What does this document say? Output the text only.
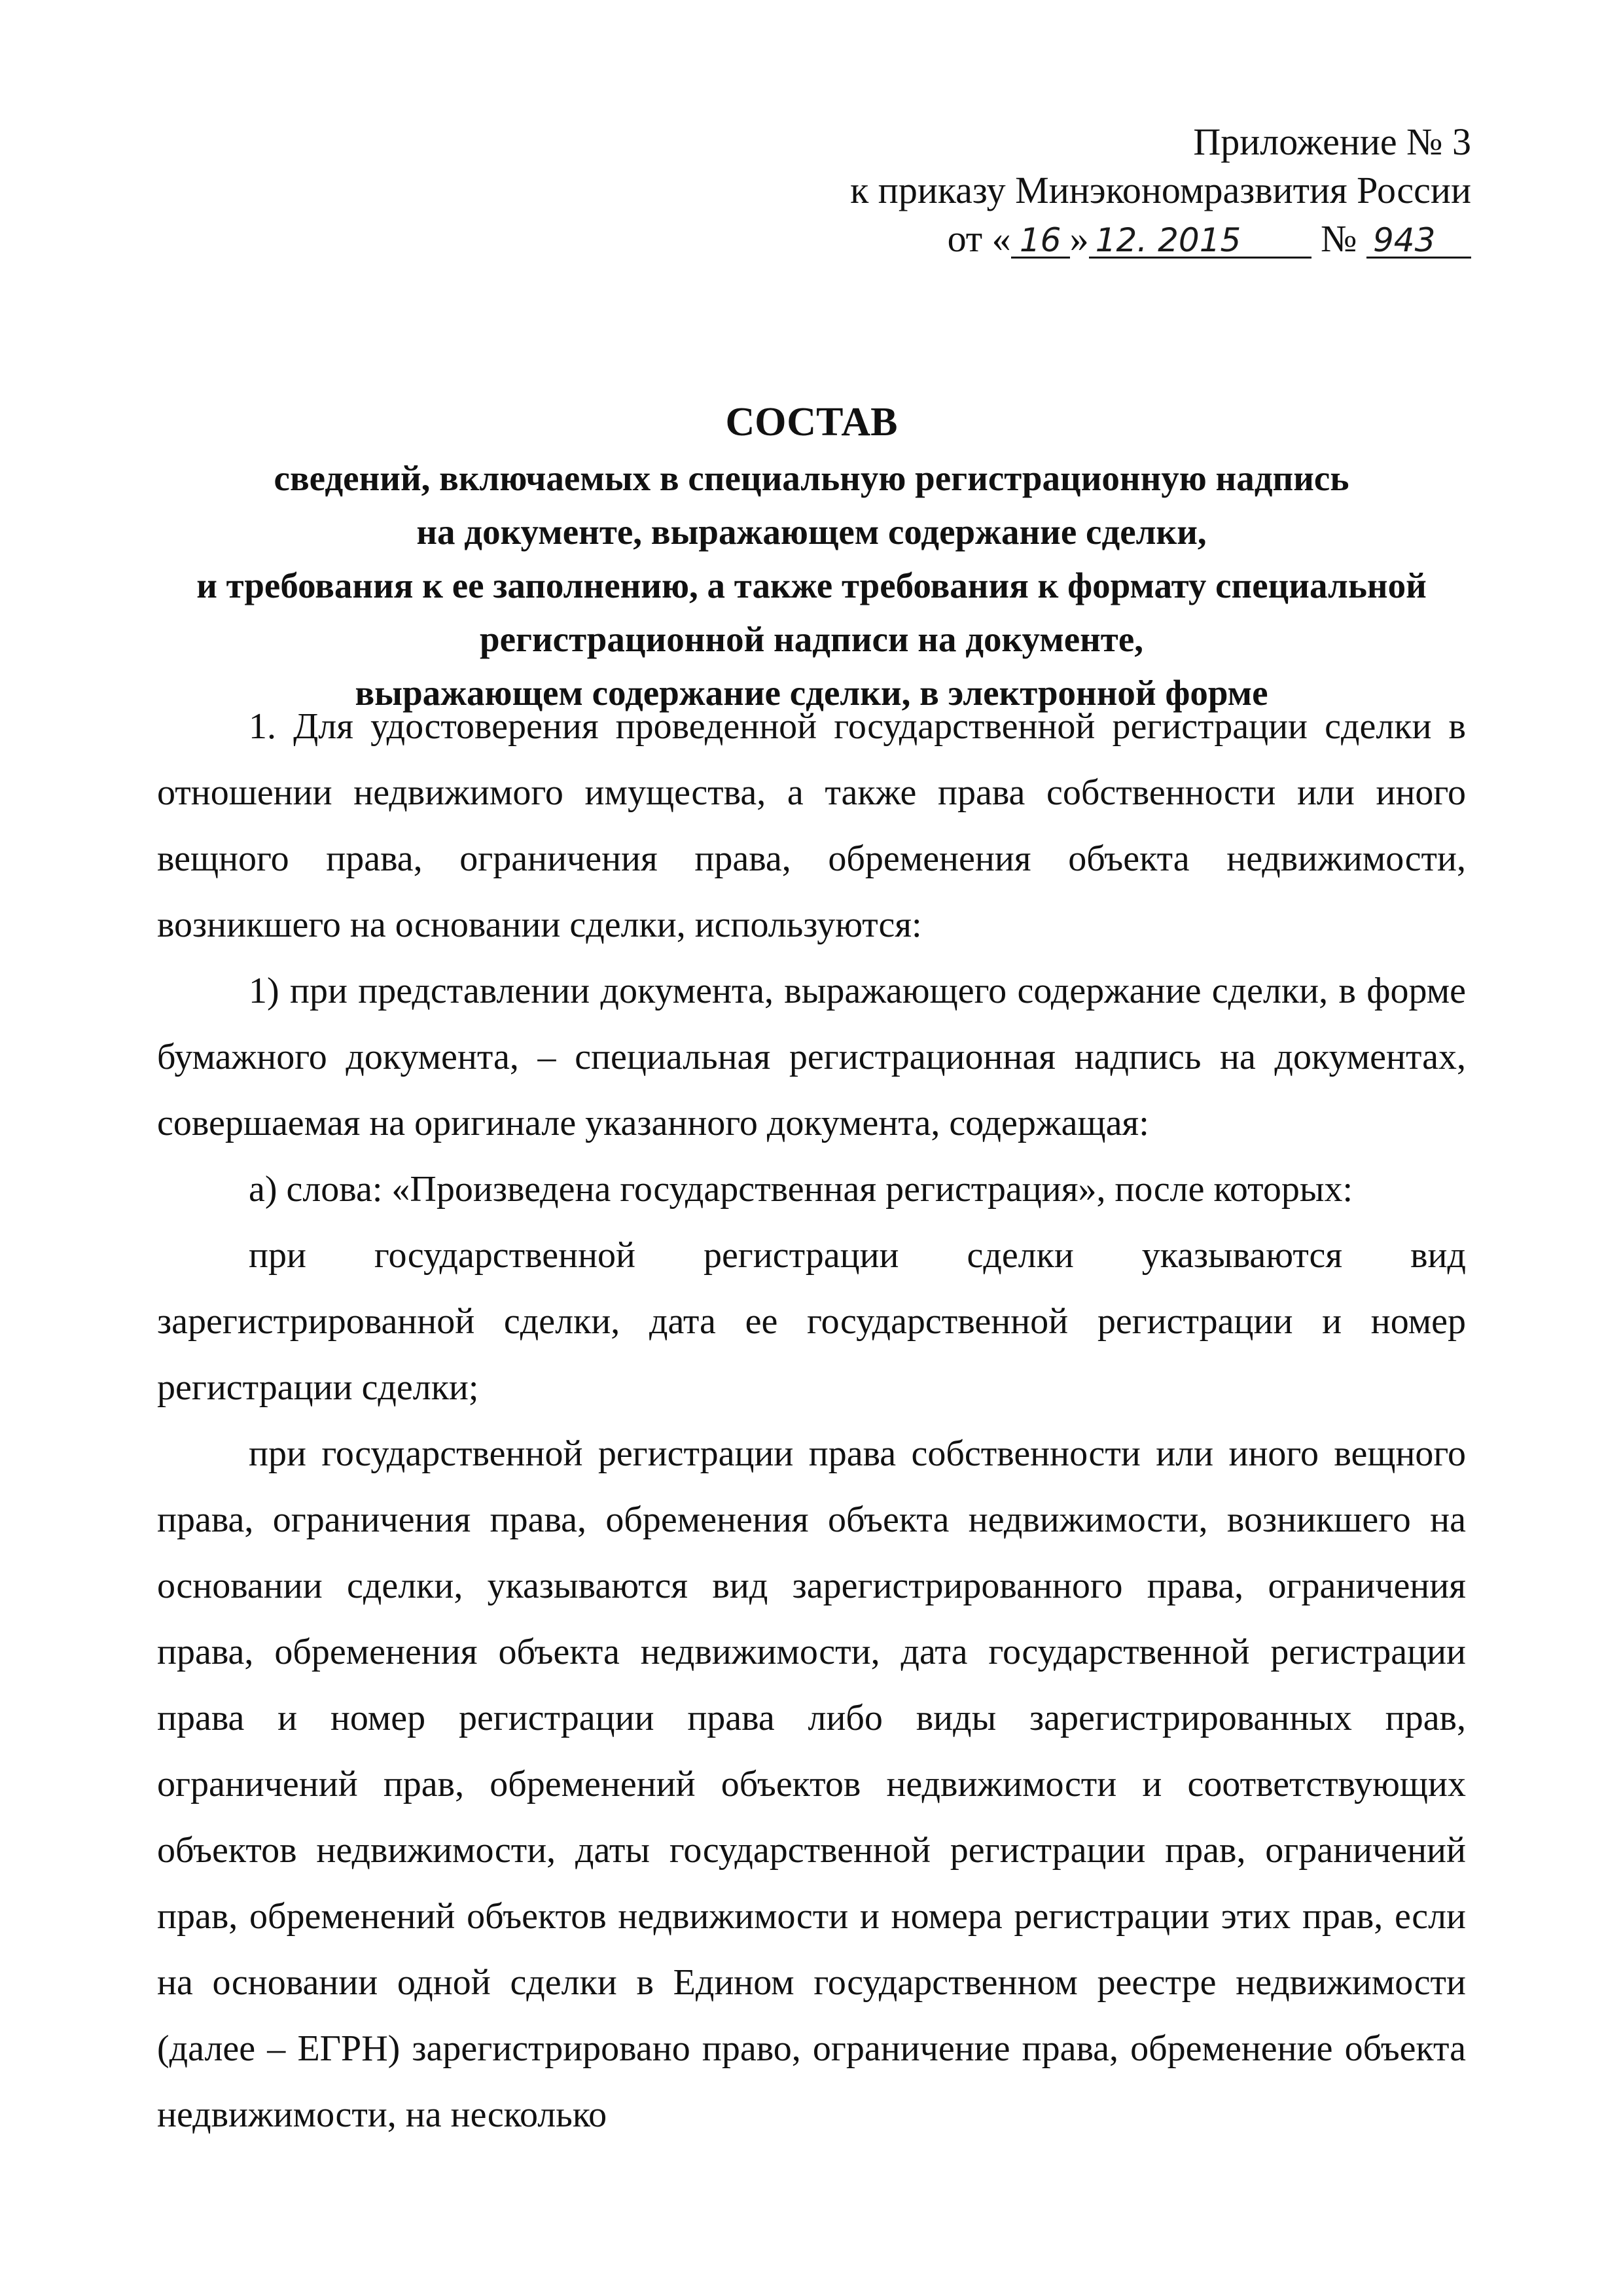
Приложение № 3
к приказу Минэкономразвития России
от « 16 » 12. 2015 № 943
СОСТАВ
сведений, включаемых в специальную регистрационную надпись
на документе, выражающем содержание сделки,
и требования к ее заполнению, а также требования к формату специальной
регистрационной надписи на документе,
выражающем содержание сделки, в электронной форме

1. Для удостоверения проведенной государственной регистрации сделки в отношении недвижимого имущества, а также права собственности или иного вещного права, ограничения права, обременения объекта недвижимости, возникшего на основании сделки, используются:

1) при представлении документа, выражающего содержание сделки, в форме бумажного документа, – специальная регистрационная надпись на документах, совершаемая на оригинале указанного документа, содержащая:

а) слова: «Произведена государственная регистрация», после которых:

при государственной регистрации сделки указываются вид зарегистрированной сделки, дата ее государственной регистрации и номер регистрации сделки;

при государственной регистрации права собственности или иного вещного права, ограничения права, обременения объекта недвижимости, возникшего на основании сделки, указываются вид зарегистрированного права, ограничения права, обременения объекта недвижимости, дата государственной регистрации права и номер регистрации права либо виды зарегистрированных прав, ограничений прав, обременений объектов недвижимости и соответствующих объектов недвижимости, даты государственной регистрации прав, ограничений прав, обременений объектов недвижимости и номера регистрации этих прав, если на основании одной сделки в Едином государственном реестре недвижимости (далее – ЕГРН) зарегистрировано право, ограничение права, обременение объекта недвижимости, на несколько
